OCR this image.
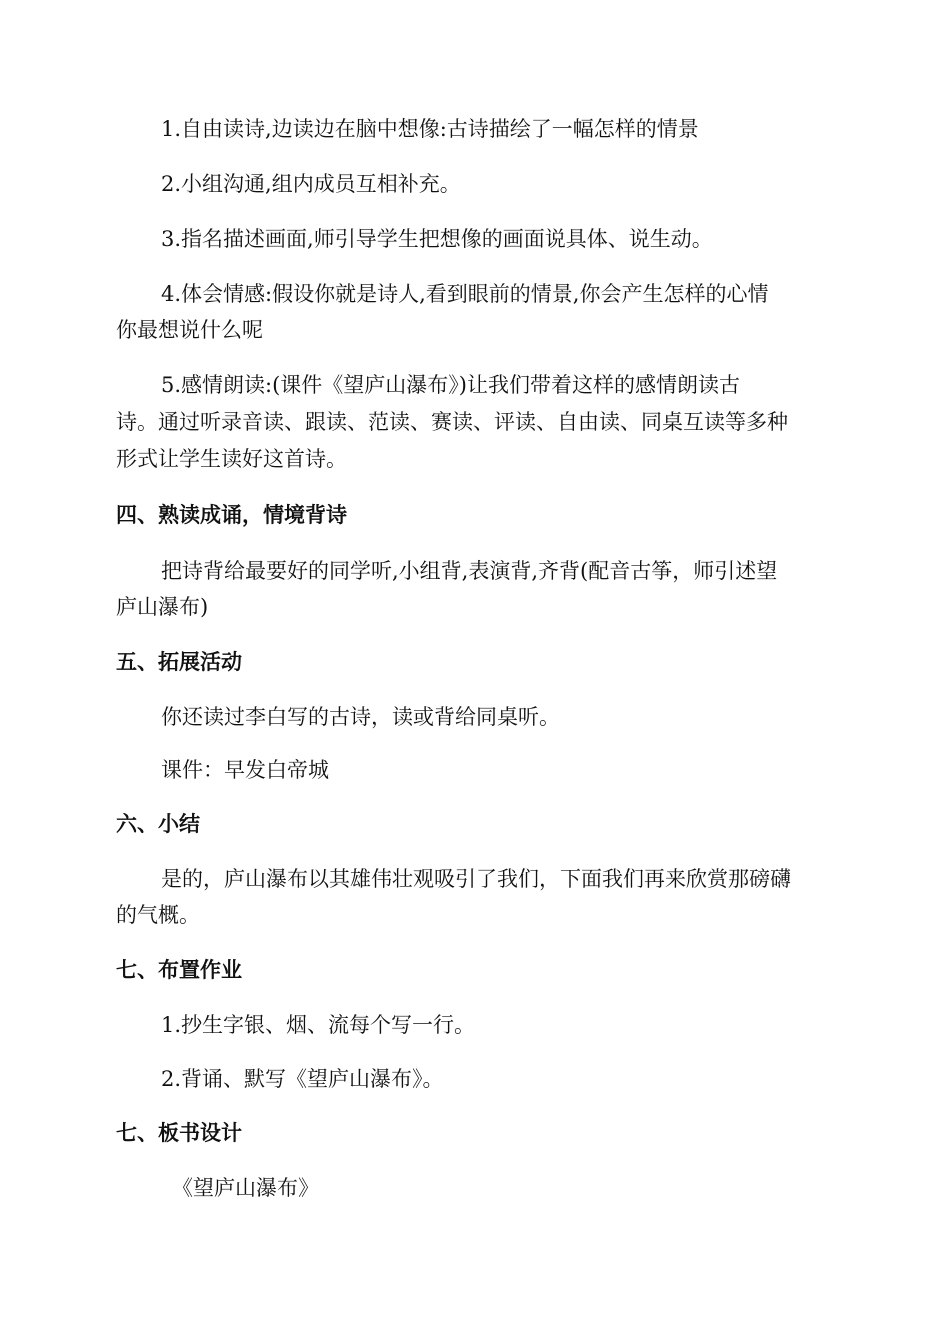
1.自由读诗,边读边在脑中想像:古诗描绘了一幅怎样的情景
2.小组沟通,组内成员互相补充。
3.指名描述画面,师引导学生把想像的画面说具体、说生动。
4.体会情感:假设你就是诗人,看到眼前的情景,你会产生怎样的心情
你最想说什么呢
5.感情朗读:(课件《望庐山瀑布》)让我们带着这样的感情朗读古
诗。通过听录音读、跟读、范读、赛读、评读、自由读、同桌互读等多种
形式让学生读好这首诗。
四、熟读成诵，情境背诗
把诗背给最要好的同学听,小组背,表演背,齐背(配音古筝，师引述望
庐山瀑布)
五、拓展活动
你还读过李白写的古诗，读或背给同桌听。
课件：早发白帝城
六、小结
是的，庐山瀑布以其雄伟壮观吸引了我们，下面我们再来欣赏那磅礴
的气概。
七、布置作业
1.抄生字银、烟、流每个写一行。
2.背诵、默写《望庐山瀑布》。
七、板书设计
《望庐山瀑布》
